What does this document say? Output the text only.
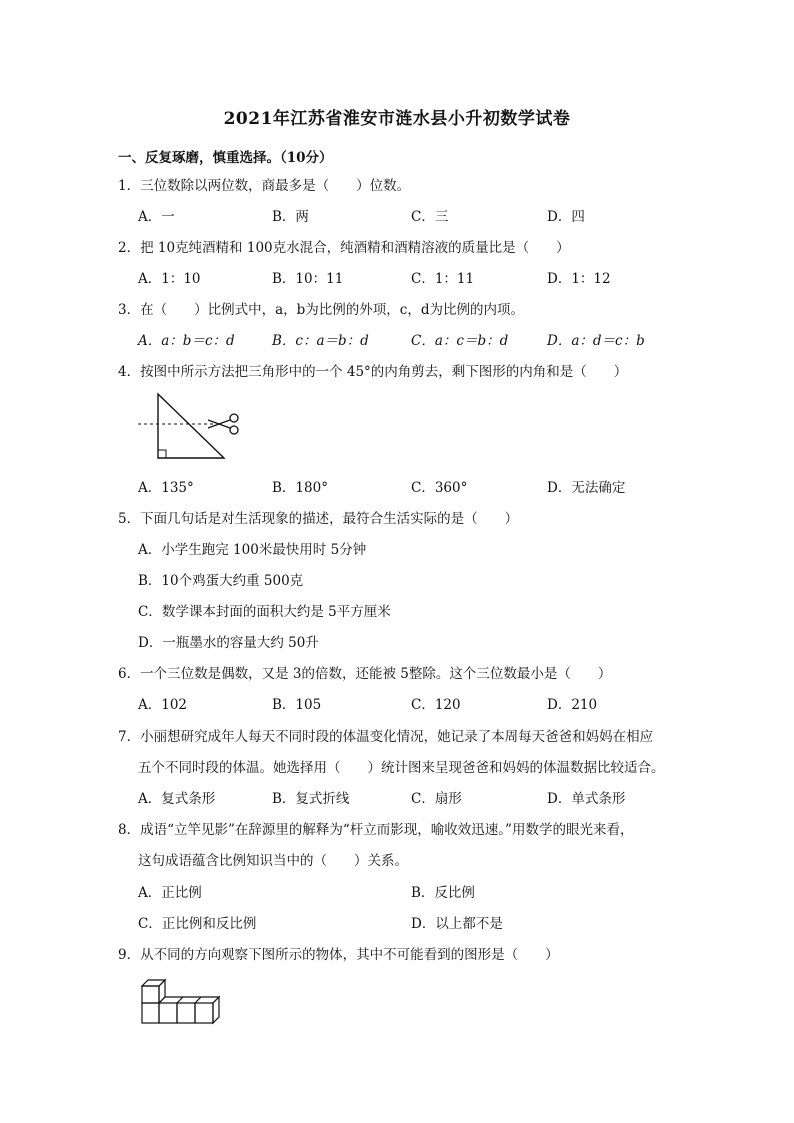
2021年江苏省淮安市涟水县小升初数学试卷
一、反复琢磨，慎重选择。（10分）
1．三位数除以两位数，商最多是（　　）位数。
A．一	B．两	C．三	D．四
2．把 10克纯酒精和 100克水混合，纯酒精和酒精溶液的质量比是（　　）
A．1：10	B．10：11	C．1：11	D．1：12
3．在（　　）比例式中，a，b为比例的外项，c，d为比例的内项。
A．a：b＝c：d	B．c：a＝b：d	C．a：c＝b：d	D．a：d＝c：b
4．按图中所示方法把三角形中的一个 45°的内角剪去，剩下图形的内角和是（　　）
A．135°	B．180°	C．360°	D．无法确定
5．下面几句话是对生活现象的描述，最符合生活实际的是（　　）
A．小学生跑完 100米最快用时 5分钟
B．10个鸡蛋大约重 500克
C．数学课本封面的面积大约是 5平方厘米
D．一瓶墨水的容量大约 50升
6．一个三位数是偶数，又是 3的倍数，还能被 5整除。这个三位数最小是（　　）
A．102	B．105	C．120	D．210
7．小丽想研究成年人每天不同时段的体温变化情况，她记录了本周每天爸爸和妈妈在相应
五个不同时段的体温。她选择用（　　）统计图来呈现爸爸和妈妈的体温数据比较适合。
A．复式条形	B．复式折线	C．扇形	D．单式条形
8．成语“立竿见影”在辞源里的解释为“杆立而影现，喻收效迅速。”用数学的眼光来看，
这句成语蕴含比例知识当中的（　　）关系。
A．正比例	B．反比例
C．正比例和反比例	D．以上都不是
9．从不同的方向观察下图所示的物体，其中不可能看到的图形是（　　）
